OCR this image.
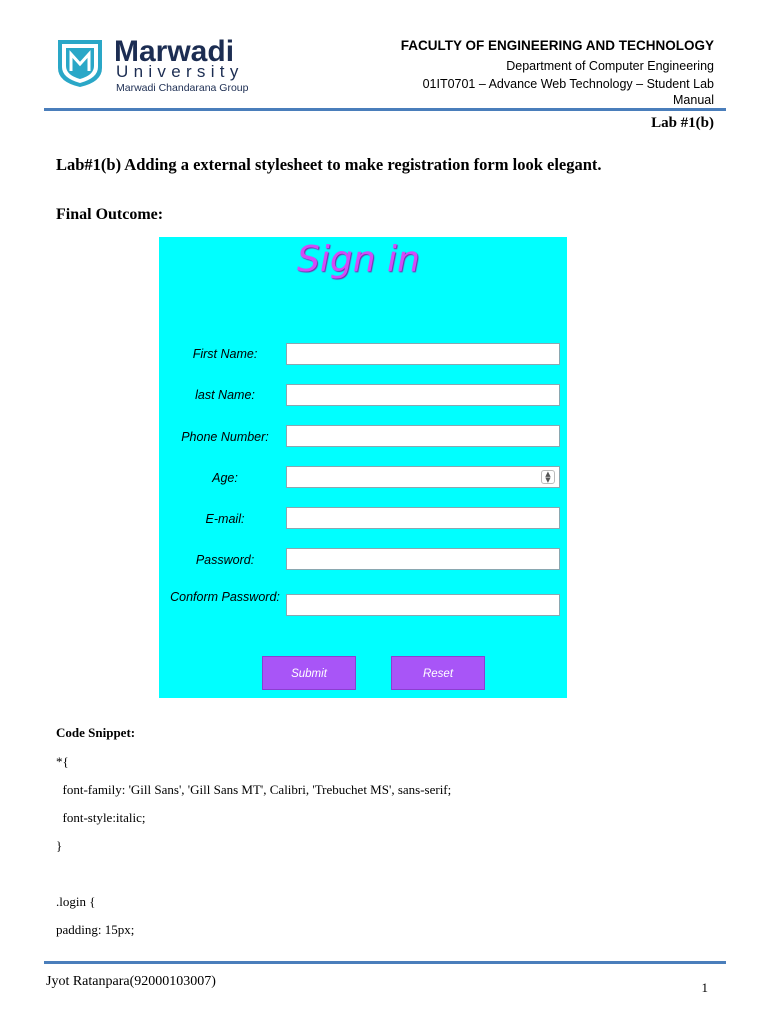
Marwadi
University
Marwadi Chandarana Group
FACULTY OF ENGINEERING AND TECHNOLOGY
Department of Computer Engineering
01IT0701 – Advance Web Technology – Student Lab
Manual
Lab #1(b)
Lab#1(b) Adding a external stylesheet to make registration form look elegant.
Final Outcome:
Sign in
First Name:
last Name:
Phone Number:
Age:	▲
▼
E-mail:
Password:
Conform Password:
Submit	Reset
Code Snippet:
*{
font-family: 'Gill Sans', 'Gill Sans MT', Calibri, 'Trebuchet MS', sans-serif;
font-style:italic;
}
.login {
padding: 15px;
Jyot Ratanpara(92000103007)	1
